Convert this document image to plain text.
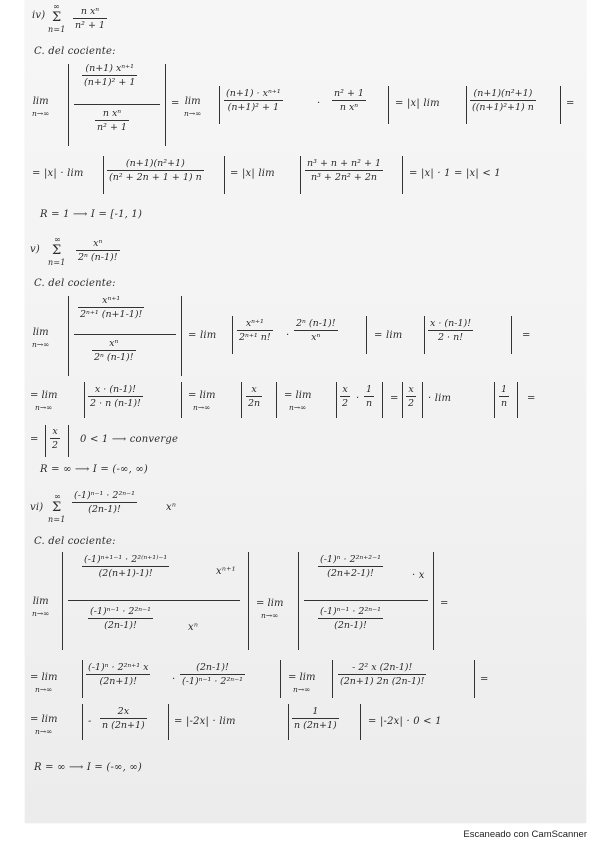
iv)
∞
Σ
n=1
n xⁿ
n² + 1
C. del cociente:
lim
n→∞
(n+1) xⁿ⁺¹
(n+1)² + 1
n xⁿ
n² + 1
= lim
n→∞
(n+1) · xⁿ⁺¹
(n+1)² + 1	·
n² + 1
n xⁿ	= |x| lim
(n+1)(n²+1)
((n+1)²+1) n	=
= |x| · lim
(n+1)(n²+1)
(n² + 2n + 1 + 1) n	= |x| lim
n³ + n + n² + 1
n³ + 2n² + 2n	= |x| · 1 = |x| < 1
R = 1 ⟶ I = [-1, 1)
v)
∞
Σ
n=1
xⁿ
2ⁿ (n-1)!
C. del cociente:
lim
n→∞
xⁿ⁺¹
2ⁿ⁺¹ (n+1-1)!
xⁿ
2ⁿ (n-1)!
= lim
xⁿ⁺¹
2ⁿ⁺¹ n! ·
2ⁿ (n-1)!
xⁿ	= lim
x · (n-1)!
2 · n!	=
= lim
n→∞
x · (n-1)!
2 · n (n-1)!
= lim
n→∞
x
2n
= lim
n→∞
x
2 ·
1
n =
x
2 · lim
1
n =
=
x
2
0 < 1 ⟶ converge
R = ∞ ⟶ I = (-∞, ∞)
vi)
∞
Σ
n=1
(-1)ⁿ⁻¹ · 2²ⁿ⁻¹
(2n-1)!	xⁿ
C. del cociente:
lim
n→∞
(-1)ⁿ⁺¹⁻¹ · 2²⁽ⁿ⁺¹⁾⁻¹
(2(n+1)-1)!	xⁿ⁺¹
(-1)ⁿ⁻¹ · 2²ⁿ⁻¹
(2n-1)!	xⁿ
= lim
n→∞
(-1)ⁿ · 2²ⁿ⁺²⁻¹
(2n+2-1)!	· x
(-1)ⁿ⁻¹ · 2²ⁿ⁻¹
(2n-1)!
=
= lim
n→∞
(-1)ⁿ · 2²ⁿ⁺¹ x
(2n+1)!	·
(2n-1)!
(-1)ⁿ⁻¹ · 2²ⁿ⁻¹	= lim
n→∞
- 2² x (2n-1)!
(2n+1) 2n (2n-1)!	=
= lim
n→∞
-
2x
n (2n+1)	= |-2x| · lim
1
n (2n+1)	= |-2x| · 0 < 1
R = ∞ ⟶ I = (-∞, ∞)
Escaneado con CamScanner
